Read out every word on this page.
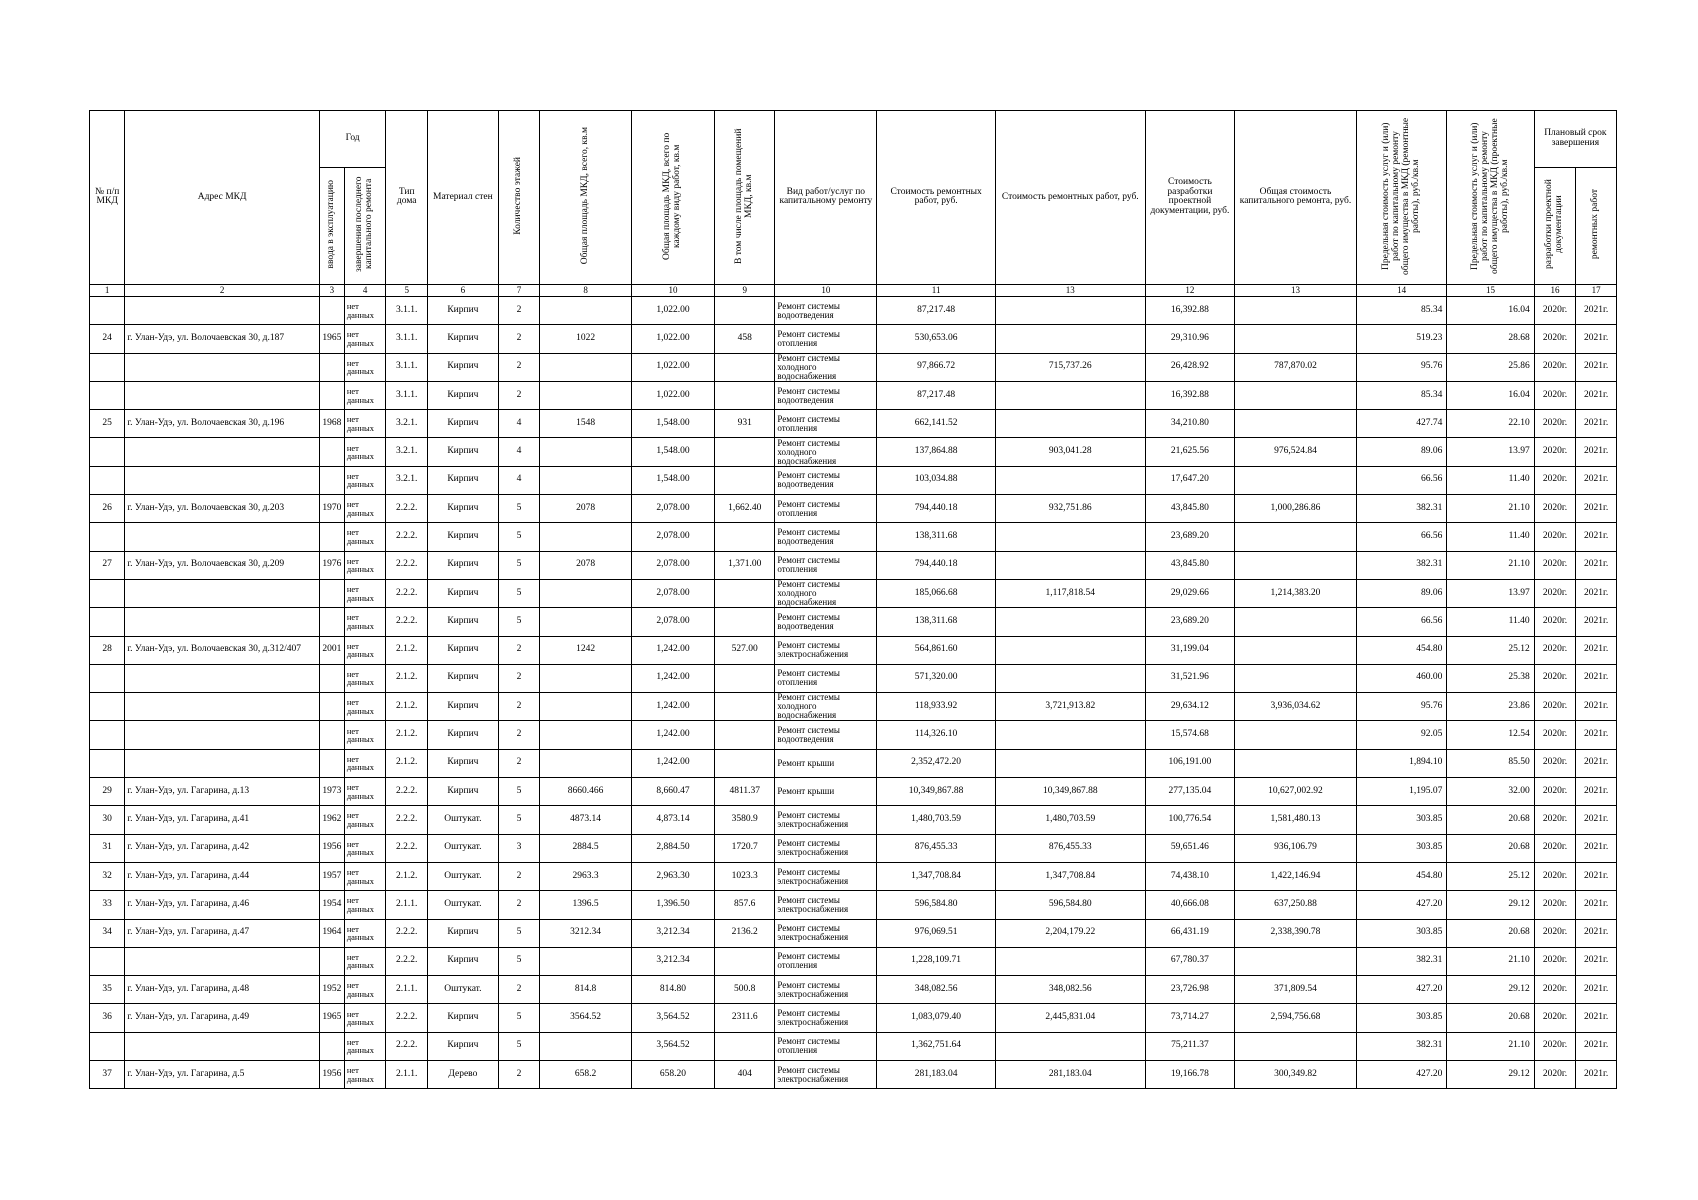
№ п/п МКД	Адрес МКД	Год		Тип дома	Материал стен	Количество этажей	Общая площадь МКД, всего, кв.м	Общая площадь МКД, всего по каждому виду работ, кв.м	В том числе площадь помещений МКД, кв.м	Вид работ/услуг по капитальному ремонту	Стоимость ремонтных работ, руб.	Стоимость ремонтных работ, руб.	Стоимость разработки проектной документации, руб.	Общая стоимость капитального ремонта, руб.	Предельная стоимость услуг и (или) работ по капитальному ремонту общего имущества в МКД (ремонтные работы), руб./кв.м	Предельная стоимость услуг и (или) работ по капитальному ремонту общего имущества в МКД (проектные работы), руб./кв.м	Плановый срок завершения	
		ввода в эксплуатацию	завершения последнего капитального ремонта														разработки проектной документации	ремонтных работ
1	2	3	4	5	6	7	8	10	9	10	11	13	12	13	14	15	16	17
			нет данных	3.1.1.	Кирпич	2		1,022.00		Ремонт системы водоотведения	87,217.48		16,392.88		85.34	16.04	2020г.	2021г.
24	г. Улан-Удэ, ул. Волочаевская 30, д.187	1965	нет данных	3.1.1.	Кирпич	2	1022	1,022.00	458	Ремонт системы отопления	530,653.06		29,310.96		519.23	28.68	2020г.	2021г.
			нет данных	3.1.1.	Кирпич	2		1,022.00		Ремонт системы холодного водоснабжения	97,866.72	715,737.26	26,428.92	787,870.02	95.76	25.86	2020г.	2021г.
			нет данных	3.1.1.	Кирпич	2		1,022.00		Ремонт системы водоотведения	87,217.48		16,392.88		85.34	16.04	2020г.	2021г.
25	г. Улан-Удэ, ул. Волочаевская 30, д.196	1968	нет данных	3.2.1.	Кирпич	4	1548	1,548.00	931	Ремонт системы отопления	662,141.52		34,210.80		427.74	22.10	2020г.	2021г.
			нет данных	3.2.1.	Кирпич	4		1,548.00		Ремонт системы холодного водоснабжения	137,864.88	903,041.28	21,625.56	976,524.84	89.06	13.97	2020г.	2021г.
			нет данных	3.2.1.	Кирпич	4		1,548.00		Ремонт системы водоотведения	103,034.88		17,647.20		66.56	11.40	2020г.	2021г.
26	г. Улан-Удэ, ул. Волочаевская 30, д.203	1970	нет данных	2.2.2.	Кирпич	5	2078	2,078.00	1,662.40	Ремонт системы отопления	794,440.18	932,751.86	43,845.80	1,000,286.86	382.31	21.10	2020г.	2021г.
			нет данных	2.2.2.	Кирпич	5		2,078.00		Ремонт системы водоотведения	138,311.68		23,689.20		66.56	11.40	2020г.	2021г.
27	г. Улан-Удэ, ул. Волочаевская 30, д.209	1976	нет данных	2.2.2.	Кирпич	5	2078	2,078.00	1,371.00	Ремонт системы отопления	794,440.18		43,845.80		382.31	21.10	2020г.	2021г.
			нет данных	2.2.2.	Кирпич	5		2,078.00		Ремонт системы холодного водоснабжения	185,066.68	1,117,818.54	29,029.66	1,214,383.20	89.06	13.97	2020г.	2021г.
			нет данных	2.2.2.	Кирпич	5		2,078.00		Ремонт системы водоотведения	138,311.68		23,689.20		66.56	11.40	2020г.	2021г.
28	г. Улан-Удэ, ул. Волочаевская 30, д.312/407	2001	нет данных	2.1.2.	Кирпич	2	1242	1,242.00	527.00	Ремонт системы электроснабжения	564,861.60		31,199.04		454.80	25.12	2020г.	2021г.
			нет данных	2.1.2.	Кирпич	2		1,242.00		Ремонт системы отопления	571,320.00		31,521.96		460.00	25.38	2020г.	2021г.
			нет данных	2.1.2.	Кирпич	2		1,242.00		Ремонт системы холодного водоснабжения	118,933.92	3,721,913.82	29,634.12	3,936,034.62	95.76	23.86	2020г.	2021г.
			нет данных	2.1.2.	Кирпич	2		1,242.00		Ремонт системы водоотведения	114,326.10		15,574.68		92.05	12.54	2020г.	2021г.
			нет данных	2.1.2.	Кирпич	2		1,242.00		Ремонт крыши	2,352,472.20		106,191.00		1,894.10	85.50	2020г.	2021г.
29	г. Улан-Удэ, ул. Гагарина, д.13	1973	нет данных	2.2.2.	Кирпич	5	8660.466	8,660.47	4811.37	Ремонт крыши	10,349,867.88	10,349,867.88	277,135.04	10,627,002.92	1,195.07	32.00	2020г.	2021г.
30	г. Улан-Удэ, ул. Гагарина, д.41	1962	нет данных	2.2.2.	Оштукат.	5	4873.14	4,873.14	3580.9	Ремонт системы электроснабжения	1,480,703.59	1,480,703.59	100,776.54	1,581,480.13	303.85	20.68	2020г.	2021г.
31	г. Улан-Удэ, ул. Гагарина, д.42	1956	нет данных	2.2.2.	Оштукат.	3	2884.5	2,884.50	1720.7	Ремонт системы электроснабжения	876,455.33	876,455.33	59,651.46	936,106.79	303.85	20.68	2020г.	2021г.
32	г. Улан-Удэ, ул. Гагарина, д.44	1957	нет данных	2.1.2.	Оштукат.	2	2963.3	2,963.30	1023.3	Ремонт системы электроснабжения	1,347,708.84	1,347,708.84	74,438.10	1,422,146.94	454.80	25.12	2020г.	2021г.
33	г. Улан-Удэ, ул. Гагарина, д.46	1954	нет данных	2.1.1.	Оштукат.	2	1396.5	1,396.50	857.6	Ремонт системы электроснабжения	596,584.80	596,584.80	40,666.08	637,250.88	427.20	29.12	2020г.	2021г.
34	г. Улан-Удэ, ул. Гагарина, д.47	1964	нет данных	2.2.2.	Кирпич	5	3212.34	3,212.34	2136.2	Ремонт системы электроснабжения	976,069.51	2,204,179.22	66,431.19	2,338,390.78	303.85	20.68	2020г.	2021г.
			нет данных	2.2.2.	Кирпич	5		3,212.34		Ремонт системы отопления	1,228,109.71		67,780.37		382.31	21.10	2020г.	2021г.
35	г. Улан-Удэ, ул. Гагарина, д.48	1952	нет данных	2.1.1.	Оштукат.	2	814.8	814.80	500.8	Ремонт системы электроснабжения	348,082.56	348,082.56	23,726.98	371,809.54	427.20	29.12	2020г.	2021г.
36	г. Улан-Удэ, ул. Гагарина, д.49	1965	нет данных	2.2.2.	Кирпич	5	3564.52	3,564.52	2311.6	Ремонт системы электроснабжения	1,083,079.40	2,445,831.04	73,714.27	2,594,756.68	303.85	20.68	2020г.	2021г.
			нет данных	2.2.2.	Кирпич	5		3,564.52		Ремонт системы отопления	1,362,751.64		75,211.37		382.31	21.10	2020г.	2021г.
37	г. Улан-Удэ, ул. Гагарина, д.5	1956	нет данных	2.1.1.	Дерево	2	658.2	658.20	404	Ремонт системы электроснабжения	281,183.04	281,183.04	19,166.78	300,349.82	427.20	29.12	2020г.	2021г.
